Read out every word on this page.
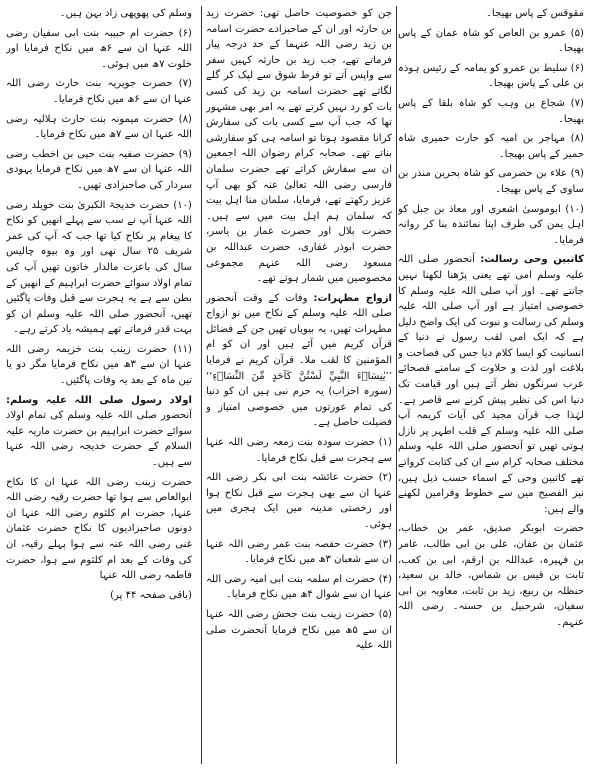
مقوقس کے پاس بھیجا۔

(۵) عمرو بن العاص کو شاہ عمان کے پاس بھیجا۔

(۶) سلیط بن عمرو کو یمامہ کے رئیس ہوذہ بن علی کے پاس بھیجا۔

(۷) شجاع بن وہب کو شاہ بلقا کے پاس بھیجا۔

(۸) مہاجر بن امیہ کو حارث حمیری شاہ حمیر کے پاس بھیجا۔

(۹) علاء بن حضرمی کو شاہ بحرین منذر بن ساوی کے پاس بھیجا۔

(۱۰) ابوموسیٰ اشعری اور معاذ بن جبل کو اہل یمن کی طرف اپنا نمائندہ بنا کر روانہ فرمایا۔

کاتبین وحی رسالت: آنحضور صلی اللہ علیہ وسلم امی تھے یعنی پڑھنا لکھنا نہیں جانتے تھے۔ اور آپ صلی اللہ علیہ وسلم کا خصوصی امتیاز ہے اور آپ صلی اللہ علیہ وسلم کی رسالت و نبوت کی ایک واضح دلیل ہے کہ ایک امی لقب رسول نے دنیا کے انسانیت کو ایسا کلام دیا جس کی فصاحت و بلاغت اور لذت و حلاوت کے سامنے فصحائے عرب سرنگوں نظر آتے ہیں اور قیامت تک دنیا اس کی نظیر پیش کرنے سے قاصر ہے۔ لہٰذا جب قرآن مجید کی آیات کریمہ آپ صلی اللہ علیہ وسلم کے قلب اطہر پر نازل ہوتی تھیں تو آنحضور صلی اللہ علیہ وسلم مختلف صحابہ کرام سے ان کی کتابت کرواتے تھے کاتبین وحی کے اسماء حسب ذیل ہیں، نیز الفصیح میں سے خطوط وفرامین لکھنے والے ہیں:

حضرت ابوبکر صدیق، عمر بن خطاب، عثمان بن عفان، علی بن ابی طالب، عامر بن فہیرہ، عبداللہ بن ارقم، ابی بن کعب، ثابت بن قیس بن شماس، خالد بن سعید، حنظلہ بن ربیع، زید بن ثابت، معاویہ بن ابی سفیان، شرحبیل بن حسنہ۔ رضی اللہ عنہم۔

جن کو خصوصیت حاصل تھی: حضرت زید بن حارثہ اور ان کے صاحبزادے حضرت اسامہ بن زید رضی اللہ عنہما کے حد درجہ پیار فرماتے تھے، جب زید بن حارثہ کہیں سفر سے واپس آتے تو فرط شوق سے لپک کر گلے لگاتے تھے حضرت اسامہ بن زید کی کسی بات کو رد نہیں کرتے تھے یہ امر بھی مشہور تھا کہ جب آپ سے کسی بات کی سفارش کرانا مقصود ہوتا تو اسامہ ہی کو سفارشی بناتے تھے۔ صحابہ کرام رضوان اللہ اجمعین ان سے سفارش کراتے تھے حضرت سلمان فارسی رضی اللہ تعالیٰ عنہ کو بھی آپ عزیز رکھتے تھے، فرمایا، سلمان منا اہل بیت کہ سلمان ہم اہل بیت میں سے ہیں۔ حضرت بلال اور حضرت عمار بن یاسر، حضرت ابوذر غفاری، حضرت عبداللہ بن مسعود رضی اللہ عنہم مجموعی مخصوصین میں شمار ہوتے تھے۔

ازواج مطہرات: وفات کے وقت آنحضور صلی اللہ علیہ وسلم کے نکاح میں نو ازواج مطہرات تھیں، یہ بیویاں تھیں جن کے فضائل قرآن کریم میں آئے ہیں اور ان کو ام المؤمنین کا لقب ملا۔ قرآن کریم نے فرمایا ’’یٰنِسَاۗءَ النَّبِيِّ لَسْتُنَّ كَاَحَدٍ مِّنَ النِّسَاۗءِ‘‘ (سورہ احزاب) یہ حرم نبی ہیں ان کو دنیا کی تمام عورتوں میں خصوصی امتیاز و فضیلت حاصل ہے۔

(۱) حضرت سودہ بنت زمعہ رضی اللہ عنہا سے ہجرت سے قبل نکاح فرمایا۔

(۲) حضرت عائشہ بنت ابی بکر رضی اللہ عنہا ان سے بھی ہجرت سے قبل نکاح ہوا اور رخصتی مدینہ میں ایک ہجری میں ہوئی۔

(۳) حضرت حفصہ بنت عمر رضی اللہ عنہا ان سے شعبان ۳ھ میں نکاح فرمایا۔

(۴) حضرت ام سلمہ بنت ابی امیہ رضی اللہ عنہا ان سے شوال ۴ھ میں نکاح فرمایا۔

(۵) حضرت زینب بنت جحش رضی اللہ عنہا ان سے ۵ھ میں نکاح فرمایا آنحضرت صلی اللہ علیہ

وسلم کی پھوپھی زاد بہن ہیں۔

(۶) حضرت ام حبیبہ بنت ابی سفیان رضی اللہ عنہا ان سے ۶ھ میں نکاح فرمایا اور خلوت ۷ھ میں ہوئی۔

(۷) حضرت جویریہ بنت حارث رضی اللہ عنہا ان سے ۶ھ میں نکاح فرمایا۔

(۸) حضرت میمونہ بنت حارث ہلالیہ رضی اللہ عنہا ان سے ۷ھ میں نکاح فرمایا۔

(۹) حضرت صفیہ بنت حیی بن اخطب رضی اللہ عنہا ان سے ۷ھ میں نکاح فرمایا یہودی سردار کی صاحبزادی تھیں۔

(۱۰) حضرت خدیجۃ الکبریٰ بنت خویلد رضی اللہ عنہا آپ نے سب سے پہلے انھیں کو نکاح کا پیغام پر نکاح کیا تھا جب کہ آپ کی عمر شریف ۲۵ سال تھی اور وہ بیوہ چالیس سال کی باعزت مالدار خاتون تھیں آپ کی تمام اولاد سوائے حضرت ابراہیم کے انھیں کے بطن سے ہے یہ ہجرت سے قبل وفات پاگئیں تھیں، آنحضور صلی اللہ علیہ وسلم ان کو بہت قدر فرماتے تھے ہمیشہ یاد کرتے رہے۔

(۱۱) حضرت زینب بنت خزیمہ رضی اللہ عنہا ان سے ۳ھ میں نکاح فرمایا مگر دو یا تین ماہ کے بعد یہ وفات پاگئیں۔

اولاد رسول صلی اللہ علیہ وسلم: آنحضور صلی اللہ علیہ وسلم کی تمام اولاد سوائے حضرت ابراہیم بن حضرت ماریہ علیہ السلام کے حضرت خدیجہ رضی اللہ عنہا سے ہیں۔

حضرت زینب رضی اللہ عنہا ان کا نکاح ابوالعاص سے ہوا تھا حضرت رقیہ رضی اللہ عنہا، حضرت ام کلثوم رضی اللہ عنہا ان دونوں صاحبزادیوں کا نکاح حضرت عثمان غنی رضی اللہ عنہ سے ہوا پہلے رقیہ، ان کی وفات کے بعد ام کلثوم سے ہوا، حضرت فاطمہ رضی اللہ عنہا

(باقی صفحہ ۴۴ پر)
